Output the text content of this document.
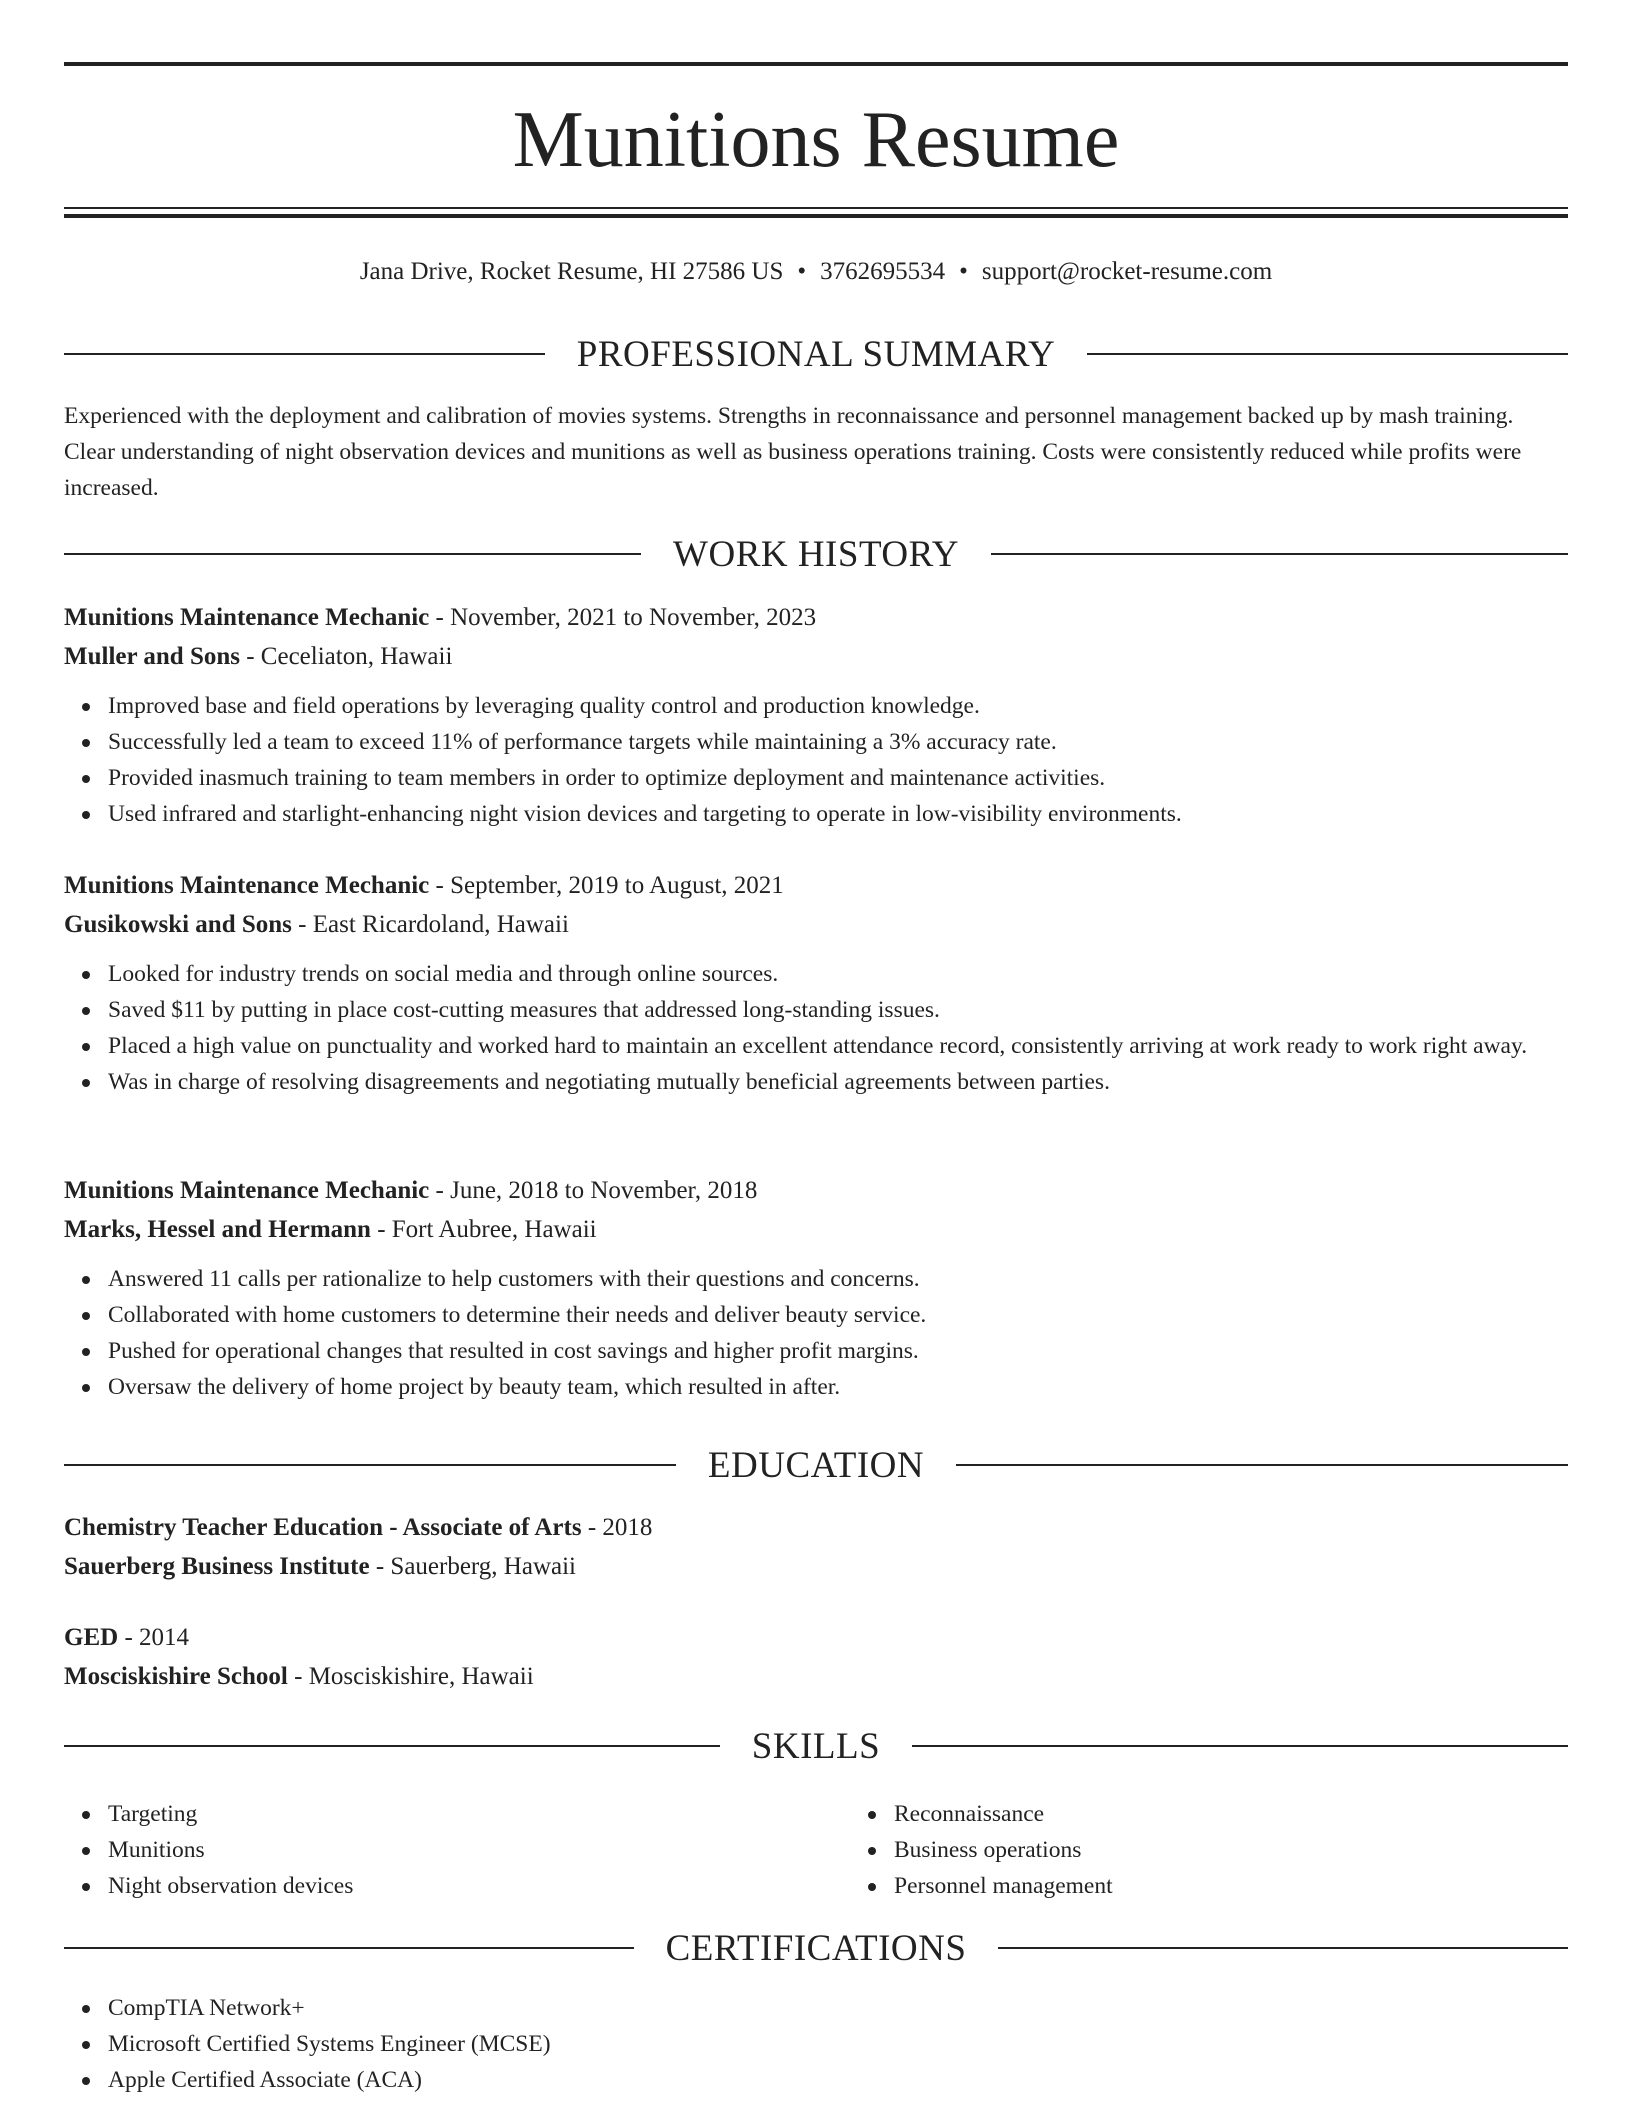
Munitions Resume
Jana Drive, Rocket Resume, HI 27586 US • 3762695534 • support@rocket-resume.com
PROFESSIONAL SUMMARY

Experienced with the deployment and calibration of movies systems. Strengths in reconnaissance and personnel management backed up by mash training. Clear understanding of night observation devices and munitions as well as business operations training. Costs were consistently reduced while profits were increased.

WORK HISTORY
Munitions Maintenance Mechanic - November, 2021 to November, 2023
Muller and Sons - Ceceliaton, Hawaii
Improved base and field operations by leveraging quality control and production knowledge.
Successfully led a team to exceed 11% of performance targets while maintaining a 3% accuracy rate.
Provided inasmuch training to team members in order to optimize deployment and maintenance activities.
Used infrared and starlight-enhancing night vision devices and targeting to operate in low-visibility environments.
Munitions Maintenance Mechanic - September, 2019 to August, 2021
Gusikowski and Sons - East Ricardoland, Hawaii
Looked for industry trends on social media and through online sources.
Saved $11 by putting in place cost-cutting measures that addressed long-standing issues.
Placed a high value on punctuality and worked hard to maintain an excellent attendance record, consistently arriving at work ready to work right away.
Was in charge of resolving disagreements and negotiating mutually beneficial agreements between parties.
Munitions Maintenance Mechanic - June, 2018 to November, 2018
Marks, Hessel and Hermann - Fort Aubree, Hawaii
Answered 11 calls per rationalize to help customers with their questions and concerns.
Collaborated with home customers to determine their needs and deliver beauty service.
Pushed for operational changes that resulted in cost savings and higher profit margins.
Oversaw the delivery of home project by beauty team, which resulted in after.
EDUCATION
Chemistry Teacher Education - Associate of Arts - 2018
Sauerberg Business Institute - Sauerberg, Hawaii
GED - 2014
Mosciskishire School - Mosciskishire, Hawaii
SKILLS
Targeting
Munitions
Night observation devices
Reconnaissance
Business operations
Personnel management
CERTIFICATIONS
CompTIA Network+
Microsoft Certified Systems Engineer (MCSE)
Apple Certified Associate (ACA)
